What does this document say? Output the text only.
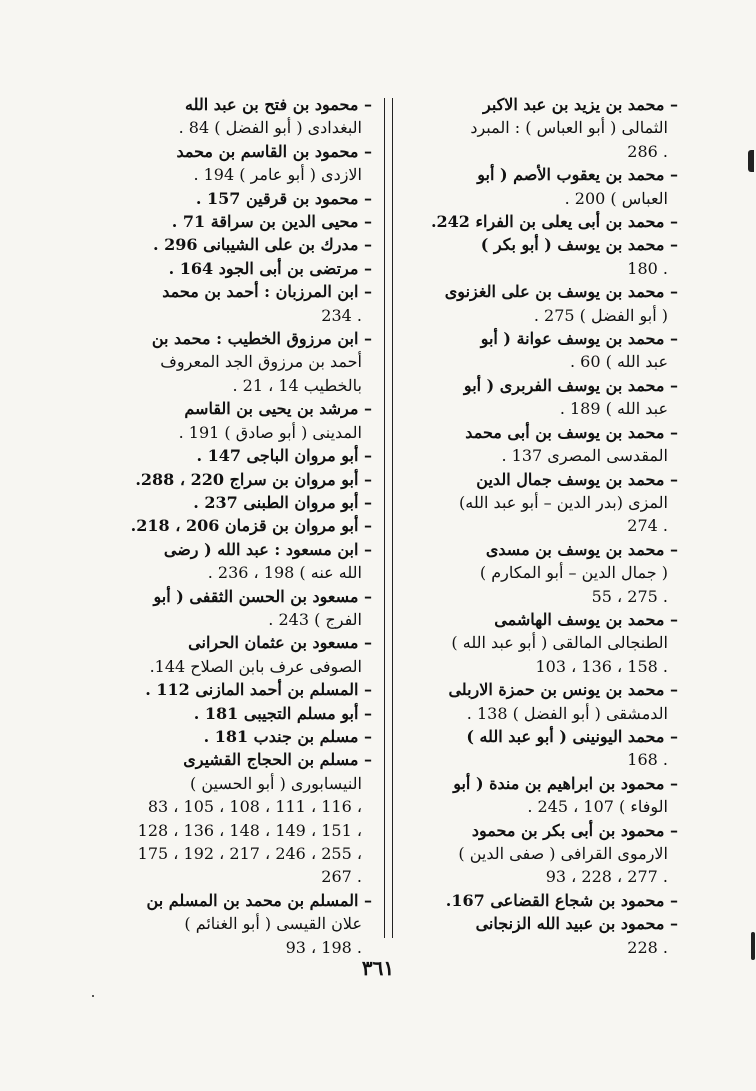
– محمد بن يزيد بن عبد الاكبر
الثمالى ( أبو العباس ) : المبرد
. 286
– محمد بن يعقوب الأصم ( أبو
العباس ) 200 .
– محمد بن أبى يعلى بن الفراء 242.
– محمد بن يوسف ( أبو بكر )
. 180
– محمد بن يوسف بن على الغزنوى
( أبو الفضل ) 275 .
– محمد بن يوسف عوانة ( أبو
عبد الله ) 60 .
– محمد بن يوسف الفربرى ( أبو
عبد الله ) 189 .
– محمد بن يوسف بن أبى محمد
المقدسى المصرى 137 .
– محمد بن يوسف جمال الدين
المزى (بدر الدين – أبو عبد الله)
. 274
– محمد بن يوسف بن مسدى
( جمال الدين – أبو المكارم )
. 275 ، 55
– محمد بن يوسف الهاشمى
الطنجالى المالقى ( أبو عبد الله )
. 158 ، 136 ، 103
– محمد بن يونس بن حمزة الاربلى
الدمشقى ( أبو الفضل ) 138 .
– محمد اليونينى ( أبو عبد الله )
. 168
– محمود بن ابراهيم بن مندة ( أبو
الوفاء ) 107 ، 245 .
– محمود بن أبى بكر بن محمود
الارموى القرافى ( صفى الدين )
. 277 ، 228 ، 93
– محمود بن شجاع القضاعى 167.
– محمود بن عبيد الله الزنجانى
. 228
– محمود بن فتح بن عبد الله
البغدادى ( أبو الفضل ) 84 .
– محمود بن القاسم بن محمد
الازدى ( أبو عامر ) 194 .
– محمود بن قرقين 157 .
– محيى الدين بن سراقة 71 .
– مدرك بن على الشيبانى 296 .
– مرتضى بن أبى الجود 164 .
– ابن المرزبان : أحمد بن محمد
. 234
– ابن مرزوق الخطيب : محمد بن
أحمد بن مرزوق الجد المعروف
بالخطيب 14 ، 21 .
– مرشد بن يحيى بن القاسم
المدينى ( أبو صادق ) 191 .
– أبو مروان الباجى 147 .
– أبو مروان بن سراج 220 ، 288.
– أبو مروان الطبنى 237 .
– أبو مروان بن قزمان 206 ، 218.
– ابن مسعود : عبد الله ( رضى
الله عنه ) 198 ، 236 .
– مسعود بن الحسن الثقفى ( أبو
الفرج ) 243 .
– مسعود بن عثمان الحرانى
الصوفى عرف بابن الصلاح 144.
– المسلم بن أحمد المازنى 112 .
– أبو مسلم التجيبى 181 .
– مسلم بن جندب 181 .
– مسلم بن الحجاج القشيرى
النيسابورى ( أبو الحسين )
، 116 ، 111 ، 108 ، 105 ، 83
، 151 ، 149 ، 148 ، 136 ، 128
، 255 ، 246 ، 217 ، 192 ، 175
. 267
– المسلم بن محمد بن المسلم بن
علان القيسى ( أبو الغنائم )
. 198 ، 93
٣٦١
